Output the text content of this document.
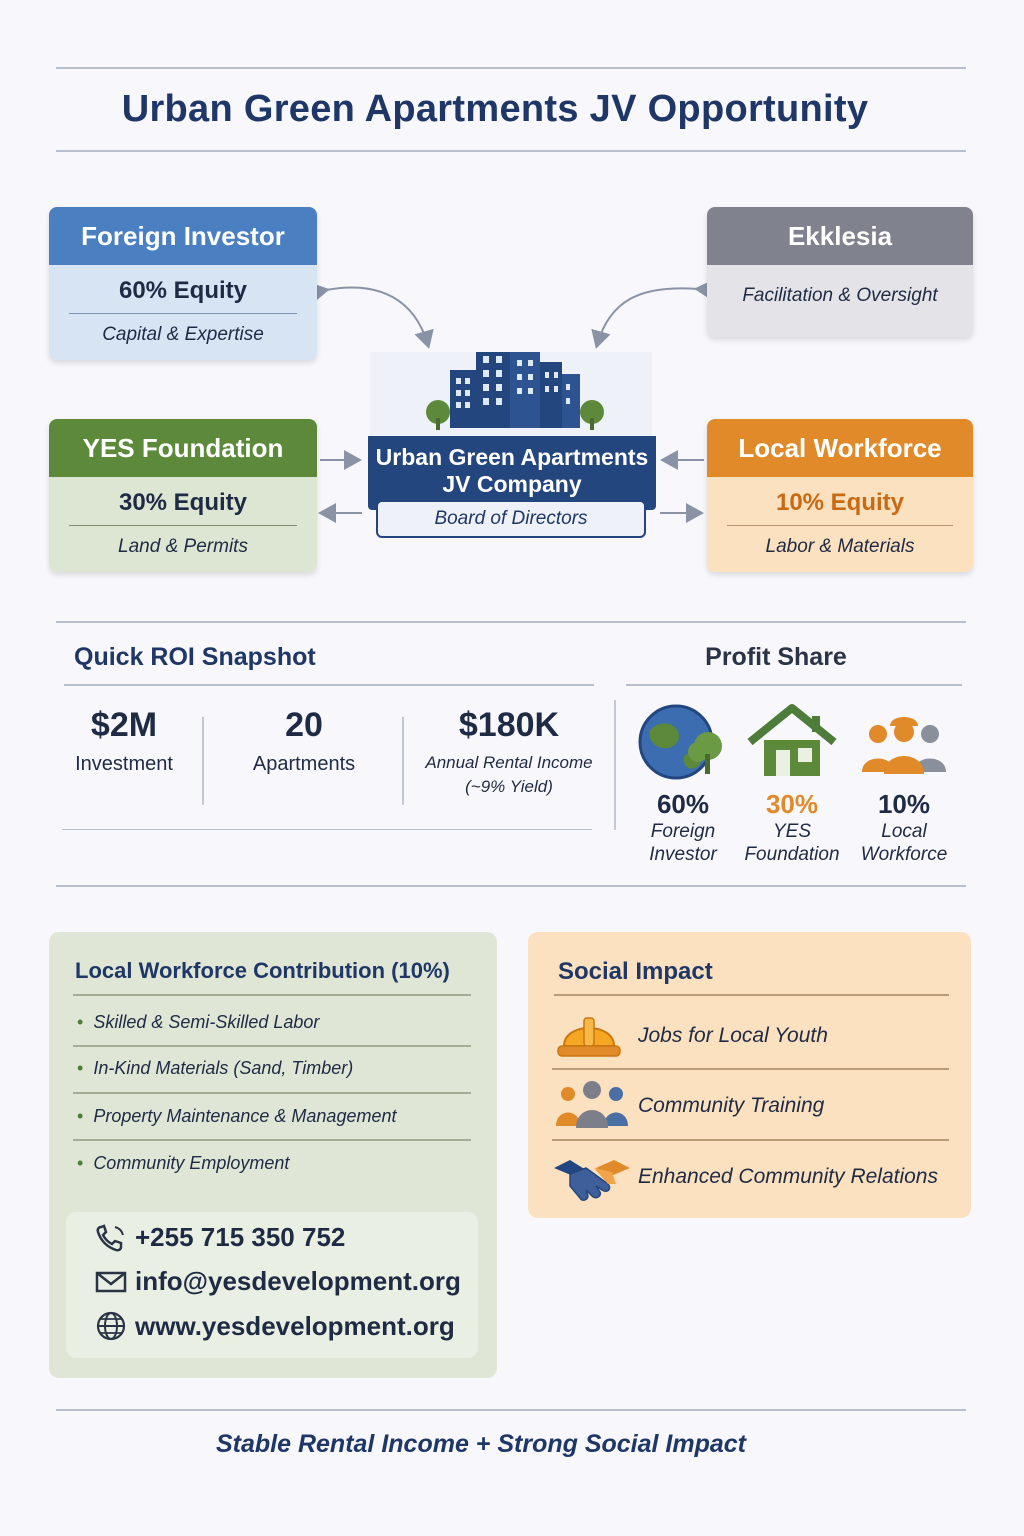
Urban Green Apartments JV Opportunity
Foreign Investor
60% Equity
Capital & Expertise
Ekklesia
Facilitation & Oversight
YES Foundation
30% Equity
Land & Permits
Local Workforce
10% Equity
Labor & Materials
Urban Green Apartments
JV Company
Board of Directors
Quick ROI Snapshot
$2M
Investment
20
Apartments
$180K
Annual Rental Income
(~9% Yield)
Profit Share
60%
Foreign
Investor
30%
YES
Foundation
10%
Local
Workforce
Local Workforce Contribution (10%)
• Skilled & Semi-Skilled Labor
• In-Kind Materials (Sand, Timber)
• Property Maintenance & Management
• Community Employment
+255 715 350 752
info@yesdevelopment.org
www.yesdevelopment.org
Social Impact
Jobs for Local Youth
Community Training
Enhanced Community Relations
Stable Rental Income + Strong Social Impact
